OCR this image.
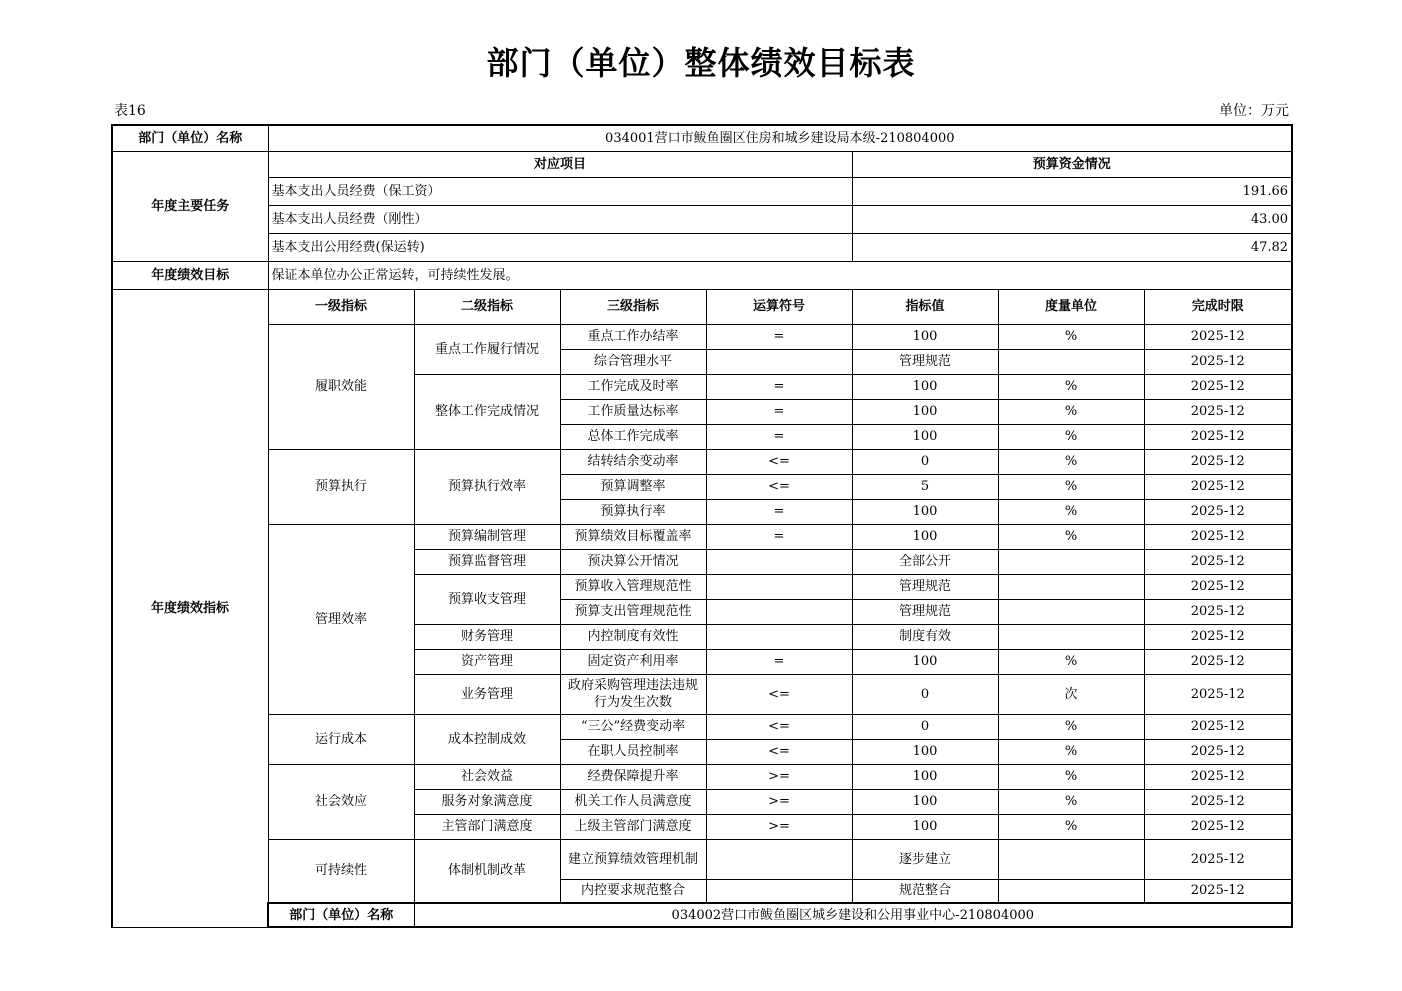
部门（单位）整体绩效目标表
表16	单位：万元
部门（单位）名称	034001营口市鲅鱼圈区住房和城乡建设局本级-210804000						
年度主要任务	对应项目				预算资金情况		
	基本支出人员经费（保工资）				191.66		
	基本支出人员经费（刚性）				43.00		
	基本支出公用经费(保运转)				47.82		
年度绩效目标	保证本单位办公正常运转，可持续性发展。						
年度绩效指标	一级指标	二级指标	三级指标	运算符号	指标值	度量单位	完成时限
	履职效能	重点工作履行情况	重点工作办结率	=	100	%	2025-12
			综合管理水平		管理规范		2025-12
		整体工作完成情况	工作完成及时率	=	100	%	2025-12
			工作质量达标率	=	100	%	2025-12
			总体工作完成率	=	100	%	2025-12
	预算执行	预算执行效率	结转结余变动率	<=	0	%	2025-12
			预算调整率	<=	5	%	2025-12
			预算执行率	=	100	%	2025-12
	管理效率	预算编制管理	预算绩效目标覆盖率	=	100	%	2025-12
		预算监督管理	预决算公开情况		全部公开		2025-12
		预算收支管理	预算收入管理规范性		管理规范		2025-12
			预算支出管理规范性		管理规范		2025-12
		财务管理	内控制度有效性		制度有效		2025-12
		资产管理	固定资产利用率	=	100	%	2025-12
		业务管理	政府采购管理违法违规行为发生次数	<=	0	次	2025-12
	运行成本	成本控制成效	“三公”经费变动率	<=	0	%	2025-12
			在职人员控制率	<=	100	%	2025-12
	社会效应	社会效益	经费保障提升率	>=	100	%	2025-12
		服务对象满意度	机关工作人员满意度	>=	100	%	2025-12
		主管部门满意度	上级主管部门满意度	>=	100	%	2025-12
	可持续性	体制机制改革	建立预算绩效管理机制		逐步建立		2025-12
			内控要求规范整合		规范整合		2025-12
	部门（单位）名称	034002营口市鲅鱼圈区城乡建设和公用事业中心-210804000					
